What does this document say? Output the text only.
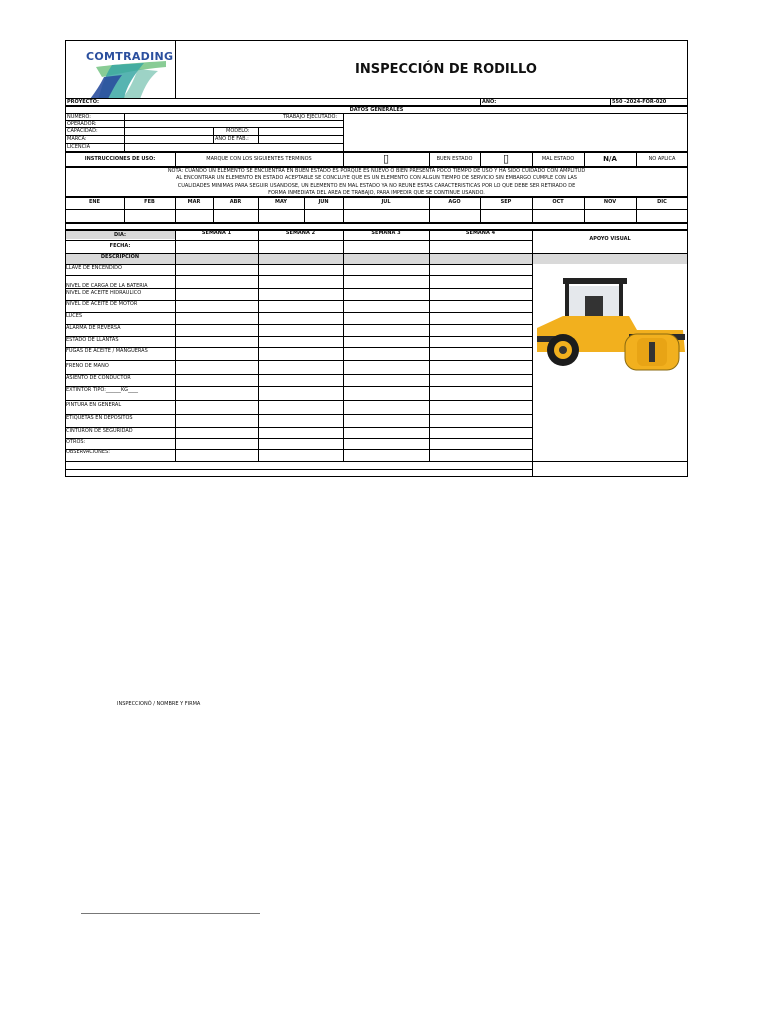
COMTRADING
INSPECCIÓN DE RODILLO
PROYECTO:	AÑO:	550 -2024-FOR-020
DATOS GENERALES
NÚMERO:	TRABAJO EJECUTADO:
OPERADOR:
CAPACIDAD:	MODELO:
MARCA:	AÑO DE FAB.:
LICENCIA
INSTRUCCIONES DE USO:	MARQUE CON LOS SIGUIENTES TERMINOS	▯	BUEN ESTADO	▯	MAL ESTADO	N/A	NO APLICA
NOTA: CUANDO UN ELEMENTO SE ENCUENTRA EN BUEN ESTADO ES PORQUE ES NUEVO O BIEN PRESENTA POCO TIEMPO DE USO Y HA SIDO CUIDADO CON AMPLITUD
AL ENCONTRAR UN ELEMENTO EN ESTADO ACEPTABLE SE CONCLUYE QUE ES UN ELEMENTO CON ALGUN TIEMPO DE SERVICIO SIN EMBARGO CUMPLE CON LAS
CUALIDADES MINIMAS PARA SEGUIR USANDOSE, UN ELEMENTO EN MAL ESTADO YA NO REUNE ESTAS CARACTERISTICAS POR LO QUE DEBE SER RETIRADO DE
FORMA INMEDIATA DEL AREA DE TRABAJO, PARA IMPEDIR QUE SE CONTINUE USANDO.
ENE	FEB	MAR	ABR	MAY	JUN	JUL	AGO	SEP	OCT	NOV	DIC
DIA:	SEMANA 1	SEMANA 2	SEMANA 3	SEMANA 4
APOYO VISUAL
FECHA:
DESCRIPCION
LLAVE DE ENCENDIDO
NIVEL DE CARGA DE LA BATERIA
NIVEL DE ACEITE HIDRAULICO
NIVEL DE ACEITE DE MOTOR
LUCES
ALARMA DE REVERSA
ESTADO DE LLANTAS
FUGAS DE ACEITE / MANGUERAS
FRENO DE MANO
ASIENTO DE CONDUCTOR
EXTINTOR TIPO:______KG____
PINTURA EN GENERAL
ETIQUETAS EN DEPOSITOS
CINTURON DE SEGURIDAD
OTROS:
OBSERVACIONES:
INSPECCIONÓ / NOMBRE Y FIRMA
